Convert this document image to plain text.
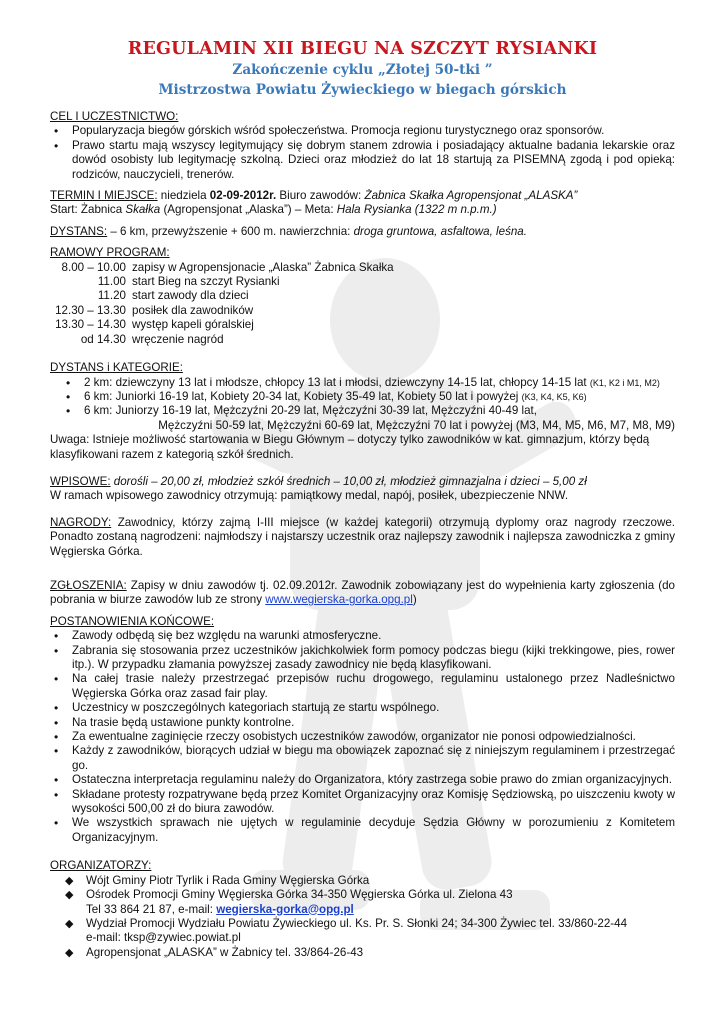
REGULAMIN XII BIEGU NA SZCZYT RYSIANKI
Zakończenie cyklu „Złotej 50-tki ”
Mistrzostwa Powiatu Żywieckiego w biegach górskich
CEL I UCZESTNICTWO:
• Popularyzacja biegów górskich wśród społeczeństwa. Promocja regionu turystycznego oraz sponsorów.
• Prawo startu mają wszyscy legitymujący się dobrym stanem zdrowia i posiadający aktualne badania lekarskie oraz dowód osobisty lub legitymację szkolną. Dzieci oraz młodzież do lat 18 startują za PISEMNĄ zgodą i pod opieką: rodziców, nauczycieli, trenerów.
TERMIN I MIEJSCE: niedziela 02-09-2012r. Biuro zawodów: Żabnica Skałka Agropensjonat „ALASKA”
Start: Żabnica Skałka (Agropensjonat „Alaska”) – Meta: Hala Rysianka (1322 m n.p.m.)
DYSTANS: – 6 km, przewyższenie + 600 m. nawierzchnia: droga gruntowa, asfaltowa, leśna.
RAMOWY PROGRAM:
8.00 – 10.00	zapisy w Agropensjonacie „Alaska” Żabnica Skałka
11.00	start Bieg na szczyt Rysianki
11.20	start zawody dla dzieci
12.30 – 13.30	posiłek dla zawodników
13.30 – 14.30	występ kapeli góralskiej
od 14.30	wręczenie nagród
DYSTANS i KATEGORIE:
• 2 km: dziewczyny 13 lat i młodsze, chłopcy 13 lat i młodsi, dziewczyny 14-15 lat, chłopcy 14-15 lat (K1, K2 i M1, M2)
• 6 km: Juniorki 16-19 lat, Kobiety 20-34 lat, Kobiety 35-49 lat, Kobiety 50 lat i powyżej (K3, K4, K5, K6)
• 6 km: Juniorzy 16-19 lat, Mężczyźni 20-29 lat, Mężczyźni 30-39 lat, Mężczyźni 40-49 lat,
Mężczyźni 50-59 lat, Mężczyźni 60-69 lat, Mężczyźni 70 lat i powyżej (M3, M4, M5, M6, M7, M8, M9)
Uwaga: Istnieje możliwość startowania w Biegu Głównym – dotyczy tylko zawodników w kat. gimnazjum, którzy będą klasyfikowani razem z kategorią szkół średnich.
WPISOWE: dorośli – 20,00 zł, młodzież szkół średnich – 10,00 zł, młodzież gimnazjalna i dzieci – 5,00 zł
W ramach wpisowego zawodnicy otrzymują: pamiątkowy medal, napój, posiłek, ubezpieczenie NNW.
NAGRODY: Zawodnicy, którzy zajmą I-III miejsce (w każdej kategorii) otrzymują dyplomy oraz nagrody rzeczowe. Ponadto zostaną nagrodzeni: najmłodszy i najstarszy uczestnik oraz najlepszy zawodnik i najlepsza zawodniczka z gminy Węgierska Górka.
ZGŁOSZENIA: Zapisy w dniu zawodów tj. 02.09.2012r. Zawodnik zobowiązany jest do wypełnienia karty zgłoszenia (do pobrania w biurze zawodów lub ze strony www.wegierska-gorka.opg.pl)
POSTANOWIENIA KOŃCOWE:
• Zawody odbędą się bez względu na warunki atmosferyczne.
• Zabrania się stosowania przez uczestników jakichkolwiek form pomocy podczas biegu (kijki trekkingowe, pies, rower itp.). W przypadku złamania powyższej zasady zawodnicy nie będą klasyfikowani.
• Na całej trasie należy przestrzegać przepisów ruchu drogowego, regulaminu ustalonego przez Nadleśnictwo Węgierska Górka oraz zasad fair play.
• Uczestnicy w poszczególnych kategoriach startują ze startu wspólnego.
• Na trasie będą ustawione punkty kontrolne.
• Za ewentualne zaginięcie rzeczy osobistych uczestników zawodów, organizator nie ponosi odpowiedzialności.
• Każdy z zawodników, biorących udział w biegu ma obowiązek zapoznać się z niniejszym regulaminem i przestrzegać go.
• Ostateczna interpretacja regulaminu należy do Organizatora, który zastrzega sobie prawo do zmian organizacyjnych.
• Składane protesty rozpatrywane będą przez Komitet Organizacyjny oraz Komisję Sędziowską, po uiszczeniu kwoty w wysokości 500,00 zł do biura zawodów.
• We wszystkich sprawach nie ujętych w regulaminie decyduje Sędzia Główny w porozumieniu z Komitetem Organizacyjnym.
ORGANIZATORZY:
◆ Wójt Gminy Piotr Tyrlik i Rada Gminy Węgierska Górka
◆ Ośrodek Promocji Gminy Węgierska Górka 34-350 Węgierska Górka ul. Zielona 43
Tel 33 864 21 87, e-mail: wegierska-gorka@opg.pl
◆ Wydział Promocji Wydziału Powiatu Żywieckiego ul. Ks. Pr. S. Słonki 24; 34-300 Żywiec tel. 33/860-22-44
e-mail: tksp@zywiec.powiat.pl
◆ Agropensjonat „ALASKA” w Żabnicy tel. 33/864-26-43
